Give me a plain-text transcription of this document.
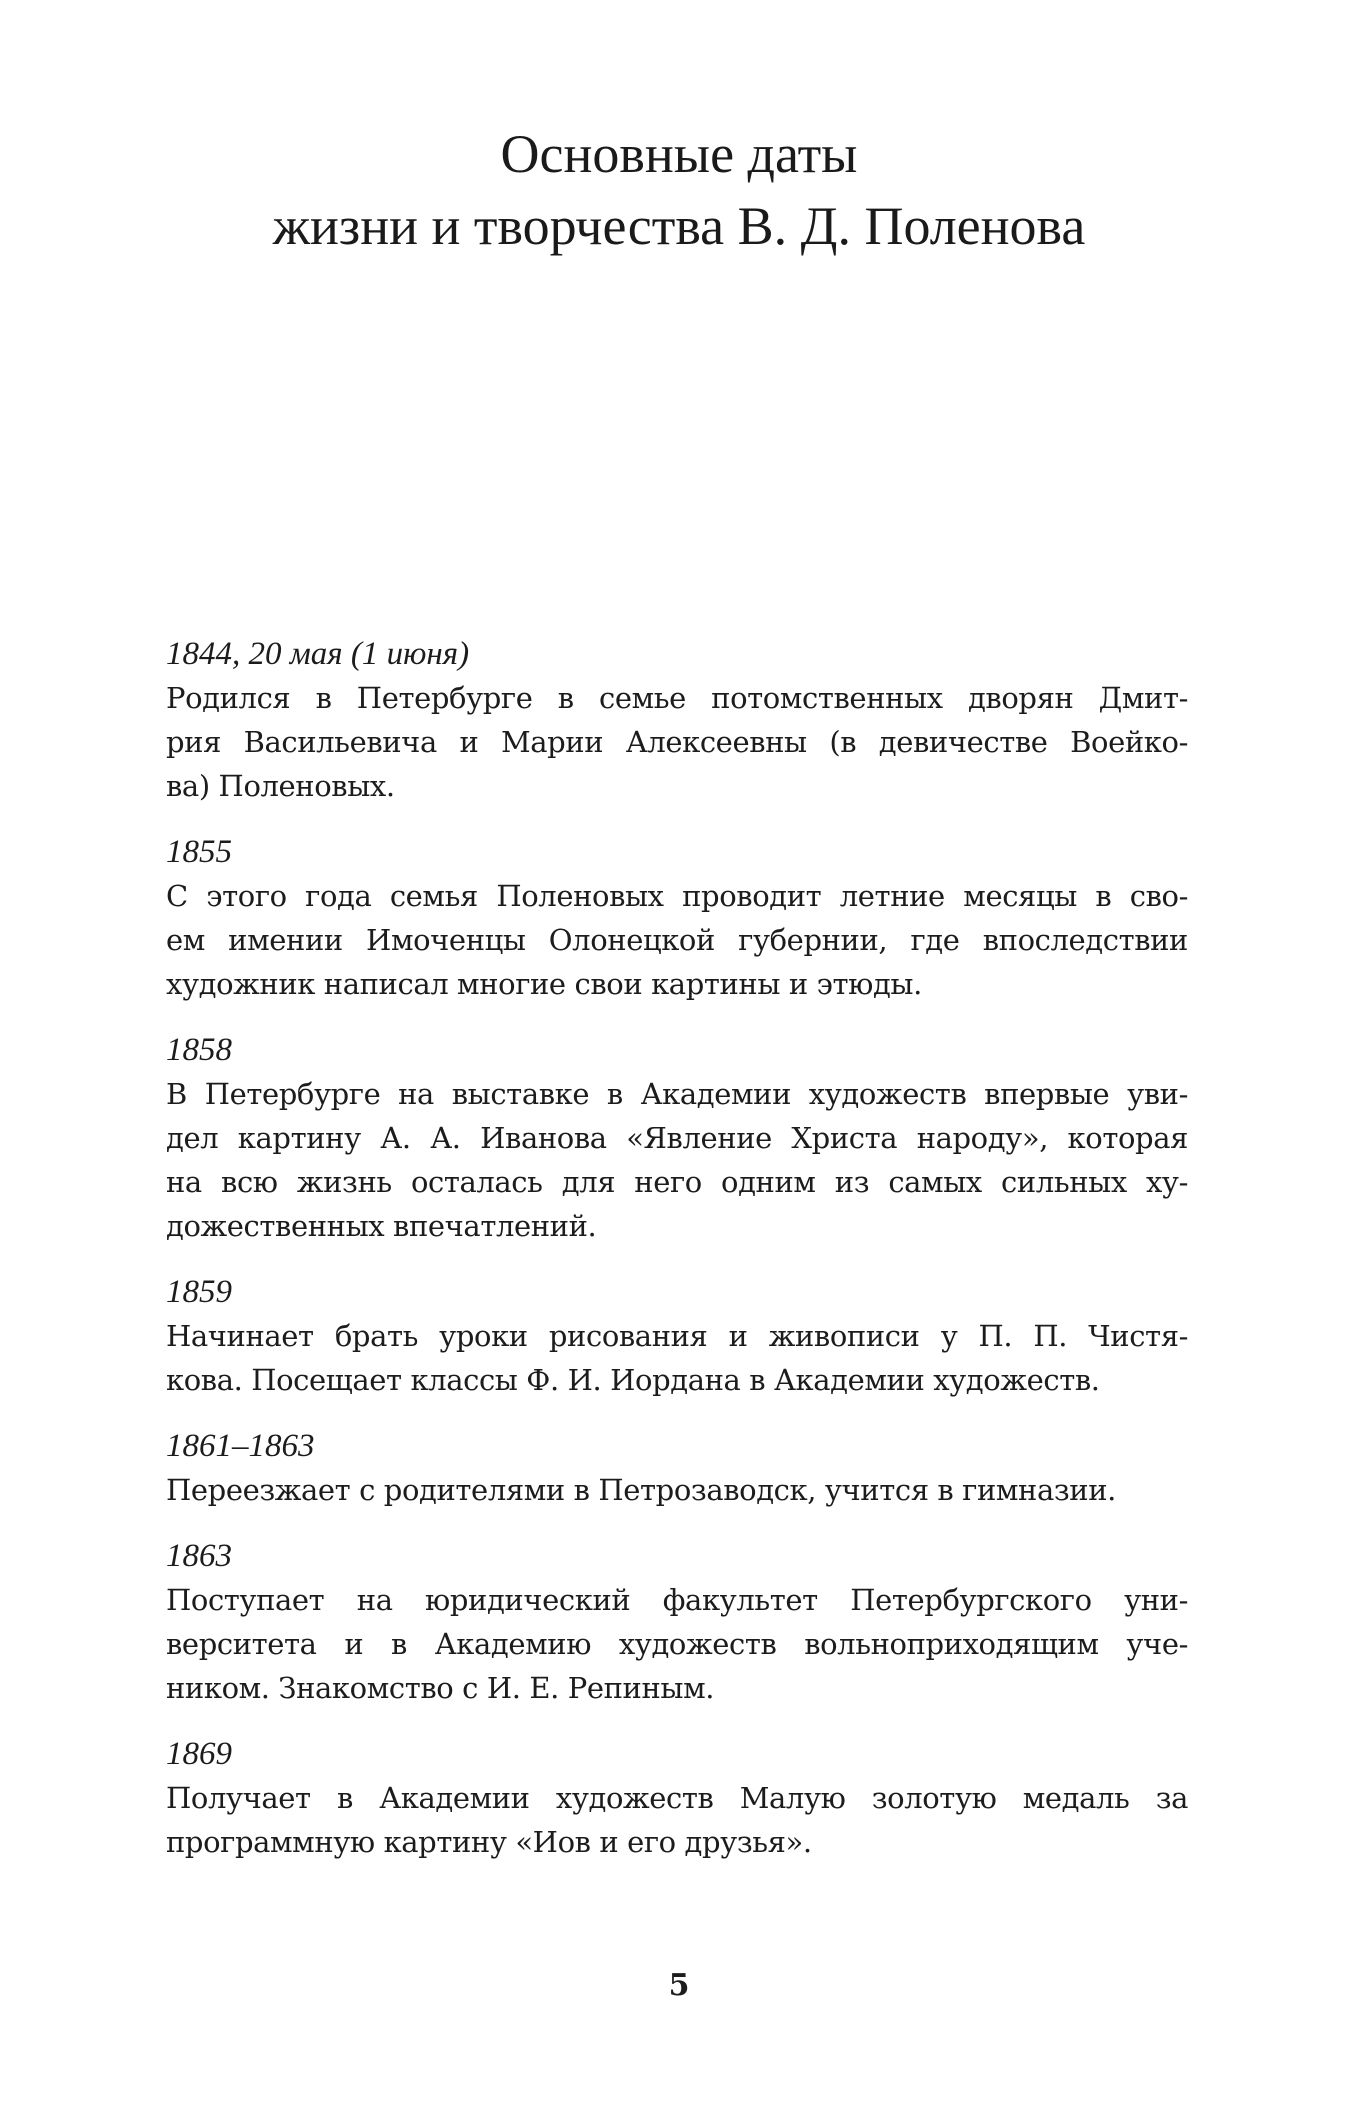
Основные даты
жизни и творчества В. Д. Поленова
1844, 20 мая (1 июня)
Родился в Петербурге в семье потомственных дворян Дмит-
рия Васильевича и Марии Алексеевны (в девичестве Воейко-
ва) Поленовых.
1855
С этого года семья Поленовых проводит летние месяцы в сво-
ем имении Имоченцы Олонецкой губернии, где впоследствии
художник написал многие свои картины и этюды.
1858
В Петербурге на выставке в Академии художеств впервые уви-
дел картину А. А. Иванова «Явление Христа народу», которая
на всю жизнь осталась для него одним из самых сильных ху-
дожественных впечатлений.
1859
Начинает брать уроки рисования и живописи у П. П. Чистя-
кова. Посещает классы Ф. И. Иордана в Академии художеств.
1861–1863
Переезжает с родителями в Петрозаводск, учится в гимназии.
1863
Поступает на юридический факультет Петербургского уни-
верситета и в Академию художеств вольноприходящим уче-
ником. Знакомство с И. Е. Репиным.
1869
Получает в Академии художеств Малую золотую медаль за
программную картину «Иов и его друзья».
5
